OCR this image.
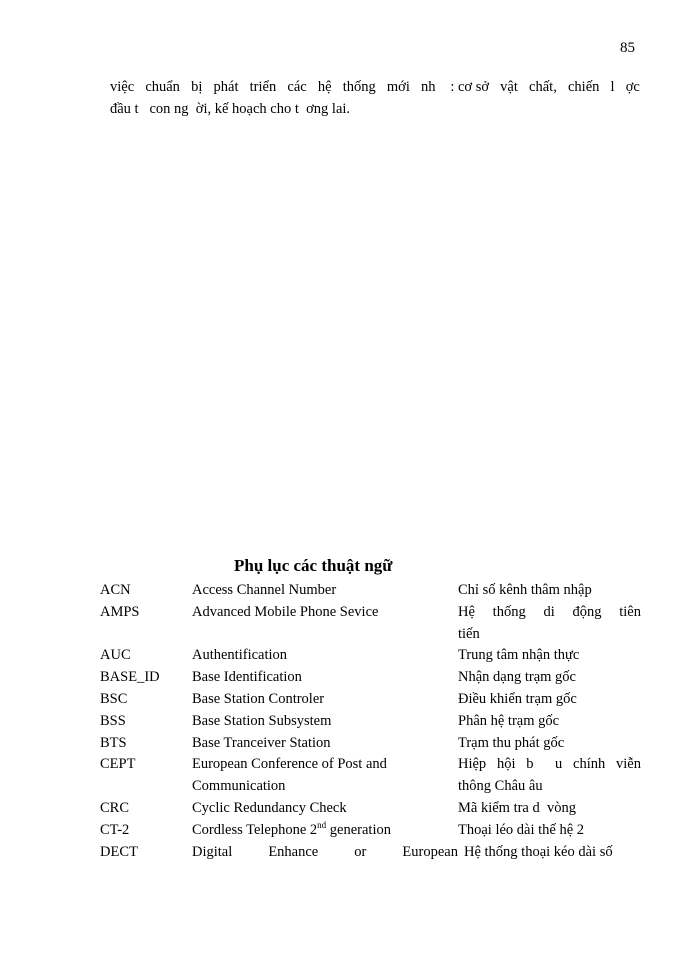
85
việc chuẩn bị phát triển các hệ thống mới nh : cơ sở vật chất, chiến l ợc
đầu t   con ng  ời, kế hoạch cho t  ơng lai.
Phụ lục các thuật ngữ
ACN	Access Channel Number	Chỉ số kênh thâm nhập
AMPS	Advanced Mobile Phone Sevice	Hệ thống di động tiên
tiến
AUC	Authentification	Trung tâm nhận thực
BASE_ID	Base Identification	Nhận dạng trạm gốc
BSC	Base Station Controler	Điều khiển trạm gốc
BSS	Base Station Subsystem	Phân hệ trạm gốc
BTS	Base Tranceiver Station	Trạm thu phát gốc
CEPT	European Conference of Post and	Hiệp hội b  u chính viễn
Communication	thông Châu âu
CRC	Cyclic Redundancy Check	Mã kiểm tra d  vòng
CT-2	Cordless Telephone 2nd generation	Thoại léo dài thế hệ 2
DECT	Digital Enhance or European Hệ thống thoại kéo dài số
